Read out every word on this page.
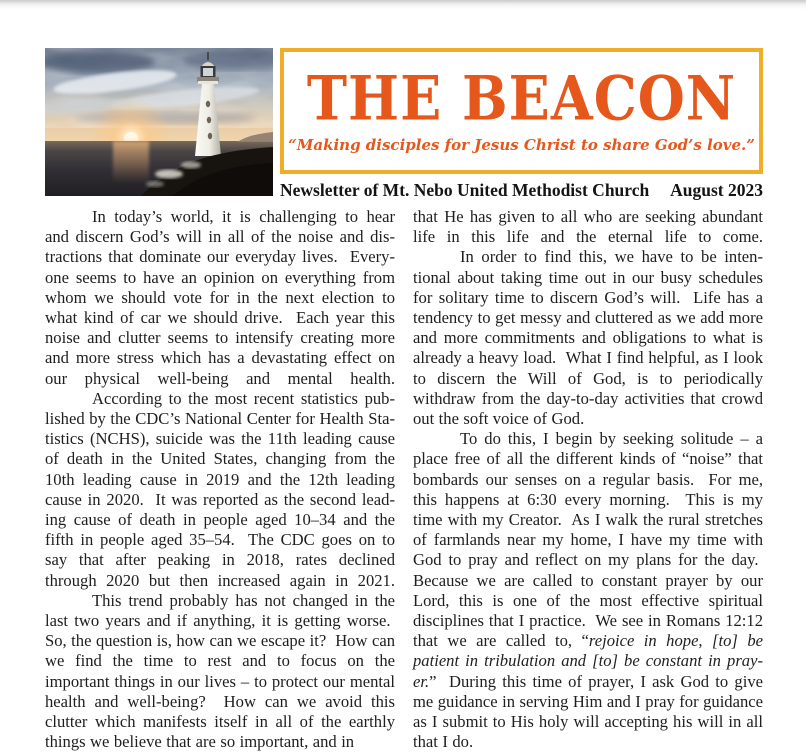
THE BEACON
“Making disciples for Jesus Christ to share God’s love.”
Newsletter of Mt. Nebo United Methodist Church August 2023

In today’s world, it is challenging to hear and discern God’s will in all of the noise and distractions that dominate our everyday lives.  Everyone seems to have an opinion on everything from whom we should vote for in the next election to what kind of car we should drive.  Each year this noise and clutter seems to intensify creating more and more stress which has a devastating effect on our physical well-being and mental health.

According to the most recent statistics published by the CDC’s National Center for Health Statistics (NCHS), suicide was the 11th leading cause of death in the United States, changing from the 10th leading cause in 2019 and the 12th leading cause in 2020.  It was reported as the second leading cause of death in people aged 10–34 and the fifth in people aged 35–54.  The CDC goes on to say that after peaking in 2018, rates declined through 2020 but then increased again in 2021.

This trend probably has not changed in the last two years and if anything, it is getting worse.  So, the question is, how can we escape it?  How can we find the time to rest and to focus on the important things in our lives – to protect our mental health and well-being?  How can we avoid this clutter which manifests itself in all of the earthly things we believe that are so important, and in

that He has given to all who are seeking abundant life in this life and the eternal life to come.

In order to find this, we have to be intentional about taking time out in our busy schedules for solitary time to discern God’s will.  Life has a tendency to get messy and cluttered as we add more and more commitments and obligations to what is already a heavy load.  What I find helpful, as I look to discern the Will of God, is to periodically withdraw from the day-to-day activities that crowd out the soft voice of God.

To do this, I begin by seeking solitude – a place free of all the different kinds of “noise” that bombards our senses on a regular basis.  For me, this happens at 6:30 every morning.  This is my time with my Creator.  As I walk the rural stretches of farmlands near my home, I have my time with God to pray and reflect on my plans for the day.  Because we are called to constant prayer by our Lord, this is one of the most effective spiritual disciplines that I practice.  We see in Romans 12:12 that we are called to, “rejoice in hope, [to] be patient in tribulation and [to] be constant in prayer.”  During this time of prayer, I ask God to give me guidance in serving Him and I pray for guidance as I submit to His holy will accepting his will in all that I do.
